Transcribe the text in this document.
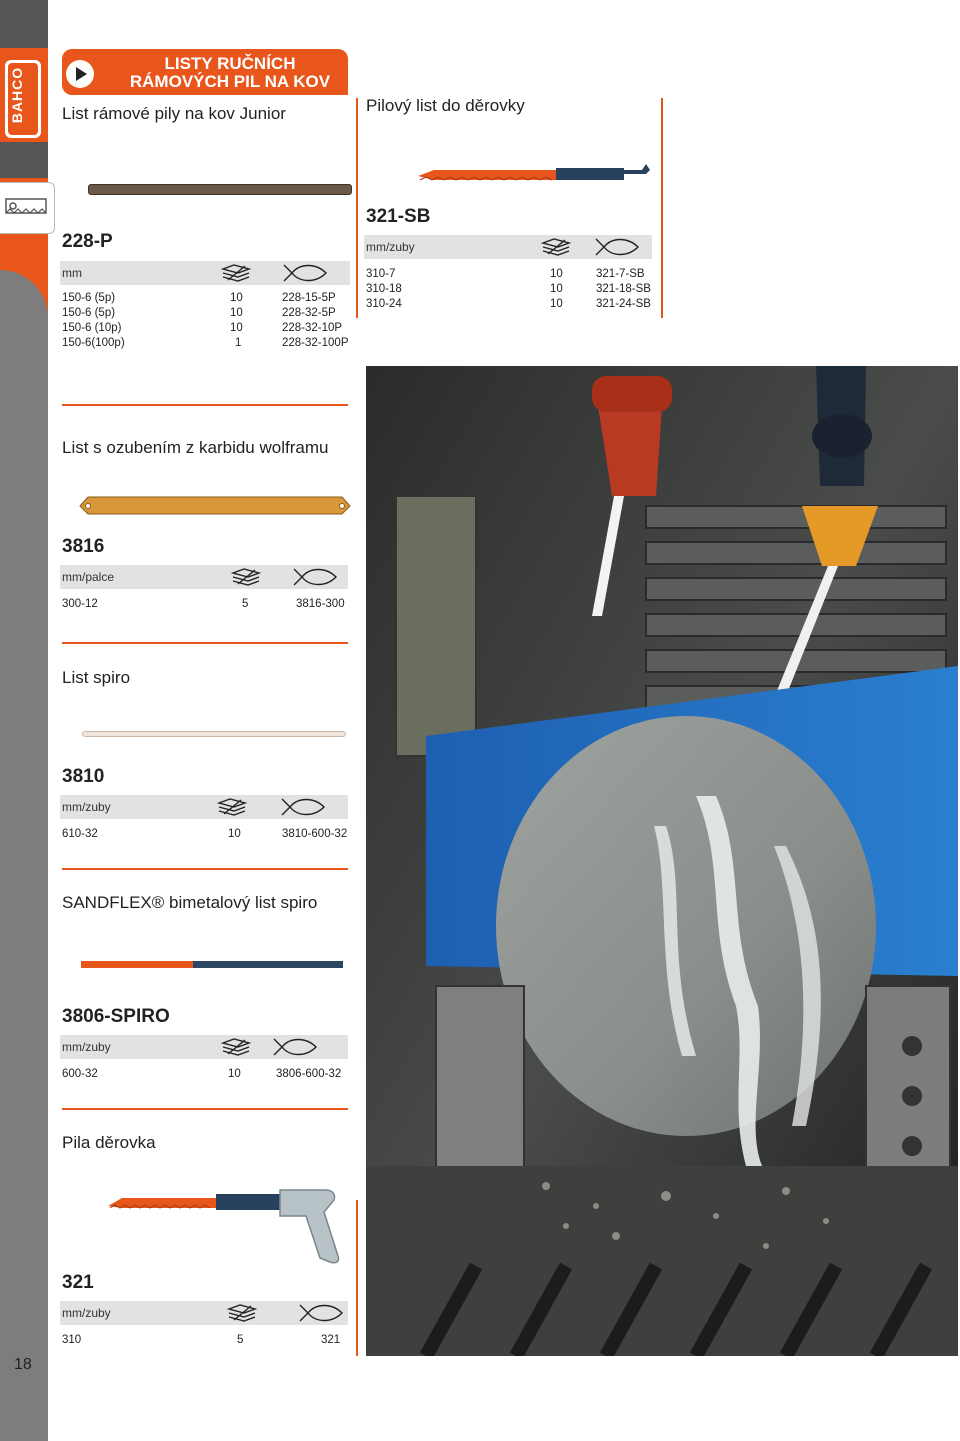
BAHCO
18
LISTY RUČNÍCH
RÁMOVÝCH PIL NA KOV
List rámové pily na kov Junior
228-P
mm
150-6 (5p)	10	228-15-5P
150-6 (5p)	10	228-32-5P
150-6 (10p)	10	228-32-10P
150-6(100p)	1	228-32-100P
Pilový list do děrovky
321-SB
mm/zuby
310-7	10	321-7-SB
310-18	10	321-18-SB
310-24	10	321-24-SB
List s ozubením z karbidu wolframu
3816
mm/palce
300-12	5	3816-300
List spiro
3810
mm/zuby
610-32	10	3810-600-32
SANDFLEX® bimetalový list spiro
3806-SPIRO
mm/zuby
600-32	10	3806-600-32
Pila děrovka
321
mm/zuby
310	5	321
